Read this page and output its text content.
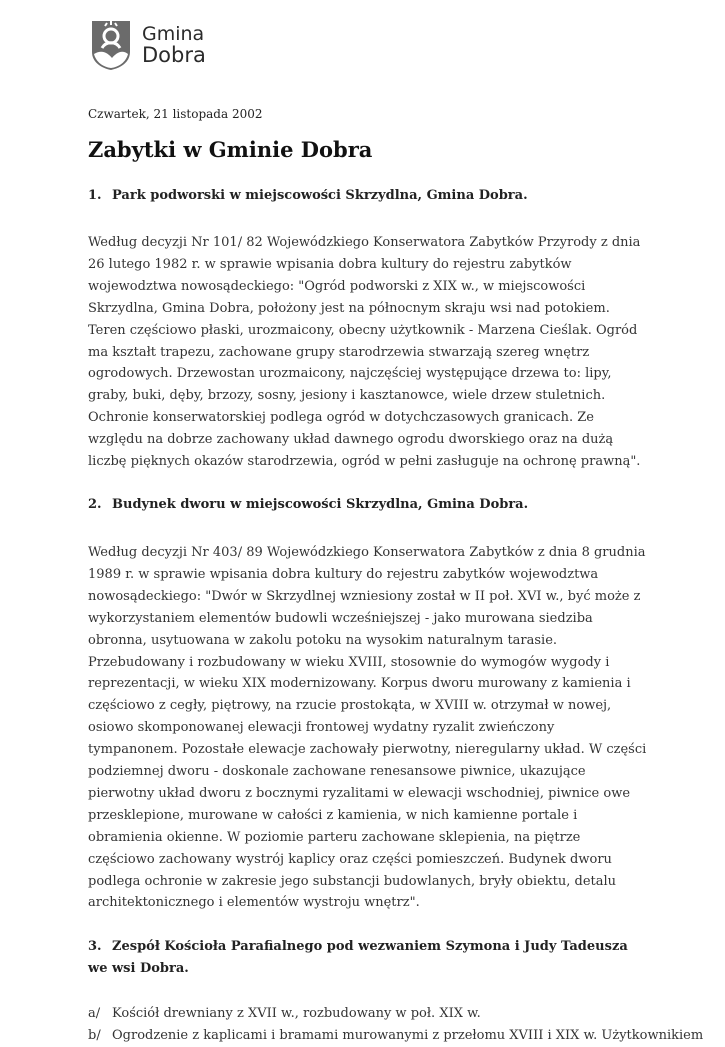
Gmina
Dobra

Czwartek, 21 listopada 2002

Zabytki w Gminie Dobra
1. Park podworski w miejscowości Skrzydlna, Gmina Dobra.

Według decyzji Nr 101/ 82 Wojewódzkiego Konserwatora Zabytków Przyrody z dnia 26 lutego 1982 r. w sprawie wpisania dobra kultury do rejestru zabytków wojewodztwa nowosądeckiego: "Ogród podworski z XIX w., w miejscowości Skrzydlna, Gmina Dobra, położony jest na północnym skraju wsi nad potokiem. Teren częściowo płaski, urozmaicony, obecny użytkownik - Marzena Cieślak. Ogród ma kształt trapezu, zachowane grupy starodrzewia stwarzają szereg wnętrz ogrodowych. Drzewostan urozmaicony, najczęściej występujące drzewa to: lipy, graby, buki, dęby, brzozy, sosny, jesiony i kasztanowce, wiele drzew stuletnich. Ochronie konserwatorskiej podlega ogród w dotychczasowych granicach. Ze względu na dobrze zachowany układ dawnego ogrodu dworskiego oraz na dużą liczbę pięknych okazów starodrzewia, ogród w pełni zasługuje na ochronę prawną".

2. Budynek dworu w miejscowości Skrzydlna, Gmina Dobra.

Według decyzji Nr 403/ 89 Wojewódzkiego Konserwatora Zabytków z dnia 8 grudnia 1989 r. w sprawie wpisania dobra kultury do rejestru zabytków wojewodztwa nowosądeckiego: "Dwór w Skrzydlnej wzniesiony został w II poł. XVI w., być może z wykorzystaniem elementów budowli wcześniejszej - jako murowana siedziba obronna, usytuowana w zakolu potoku na wysokim naturalnym tarasie. Przebudowany i rozbudowany w wieku XVIII, stosownie do wymogów wygody i reprezentacji, w wieku XIX modernizowany. Korpus dworu murowany z kamienia i częściowo z cegły, piętrowy, na rzucie prostokąta, w XVIII w. otrzymał w nowej, osiowo skomponowanej elewacji frontowej wydatny ryzalit zwieńczony tympanonem. Pozostałe elewacje zachowały pierwotny, nieregularny układ. W części podziemnej dworu - doskonale zachowane renesansowe piwnice, ukazujące pierwotny układ dworu z bocznymi ryzalitami w elewacji wschodniej, piwnice owe przesklepione, murowane w całości z kamienia, w nich kamienne portale i obramienia okienne. W poziomie parteru zachowane sklepienia, na piętrze częściowo zachowany wystrój kaplicy oraz części pomieszczeń. Budynek dworu podlega ochronie w zakresie jego substancji budowlanych, bryły obiektu, detalu architektonicznego i elementów wystroju wnętrz".

3. Zespół Kościoła Parafialnego pod wezwaniem Szymona i Judy Tadeusza we wsi Dobra.
a/ Kościół drewniany z XVII w., rozbudowany w poł. XIX w.
b/ Ogrodzenie z kaplicami i bramami murowanymi z przełomu XVIII i XIX w. Użytkownikiem
